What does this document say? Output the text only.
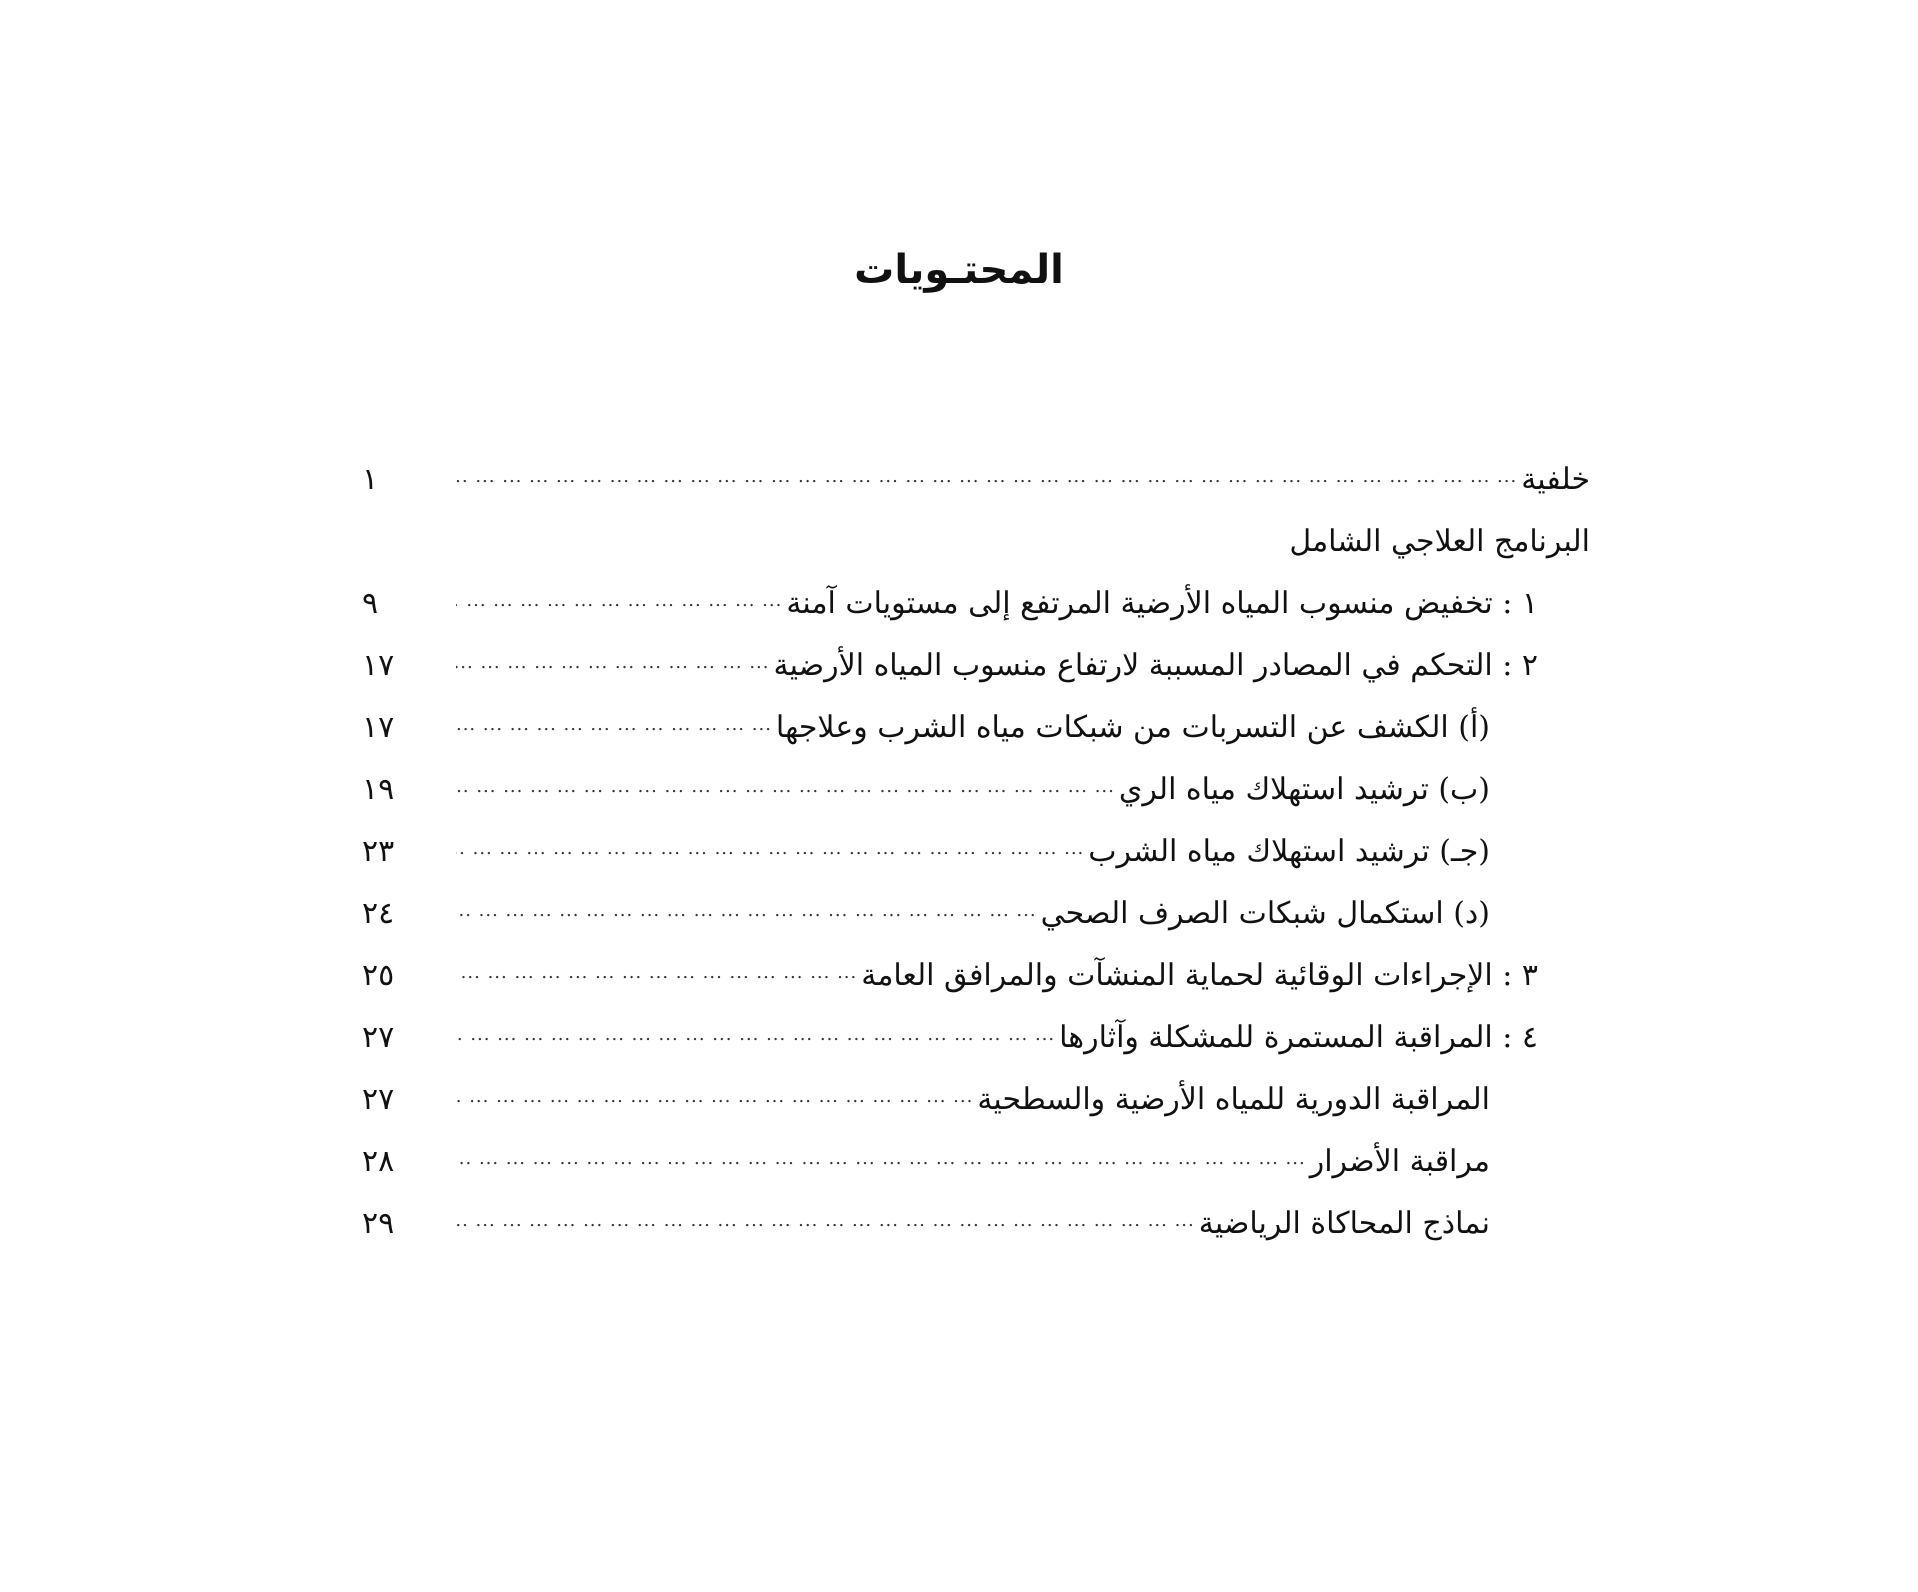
المحتـويات
خلفية
... .
١
البرنامج العلاجي الشامل
١ : تخفيض منسوب المياه الأرضية المرتفع إلى مستويات آمنة
... .
٩
٢ : التحكم في المصادر المسببة لارتفاع منسوب المياه الأرضية
... .
١٧
(أ) الكشف عن التسربات من شبكات مياه الشرب وعلاجها
... .
١٧
(ب) ترشيد استهلاك مياه الري
... .
١٩
(جـ) ترشيد استهلاك مياه الشرب
... .
٢٣
(د) استكمال شبكات الصرف الصحي
... .
٢٤
٣ : الإجراءات الوقائية لحماية المنشآت والمرافق العامة
... .
٢٥
٤ : المراقبة المستمرة للمشكلة وآثارها
... .
٢٧
المراقبة الدورية للمياه الأرضية والسطحية
... .
٢٧
مراقبة الأضرار
... .
٢٨
نماذج المحاكاة الرياضية
... .
٢٩
